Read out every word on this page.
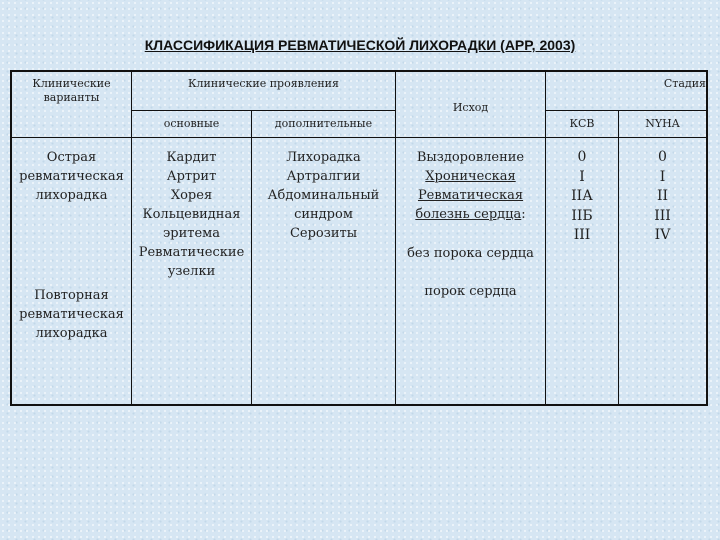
КЛАССИФИКАЦИЯ РЕВМАТИЧЕСКОЙ ЛИХОРАДКИ (АРР, 2003)
Клинические
варианты
Клинические проявления
основные	дополнительные
Исход
Стадия
КСВ	NYHA
Острая
ревматическая
лихорадка
Повторная
ревматическая
лихорадка
Кардит
Артрит
Хорея
Кольцевидная
эритема
Ревматические
узелки
Лихорадка
Артралгии
Абдоминальный
синдром
Серозиты
Выздоровление
Хроническая
Ревматическая
болезнь сердца:
без порока сердца
порок сердца
0
I
IIА
IIБ
III
0
I
II
III
IV
